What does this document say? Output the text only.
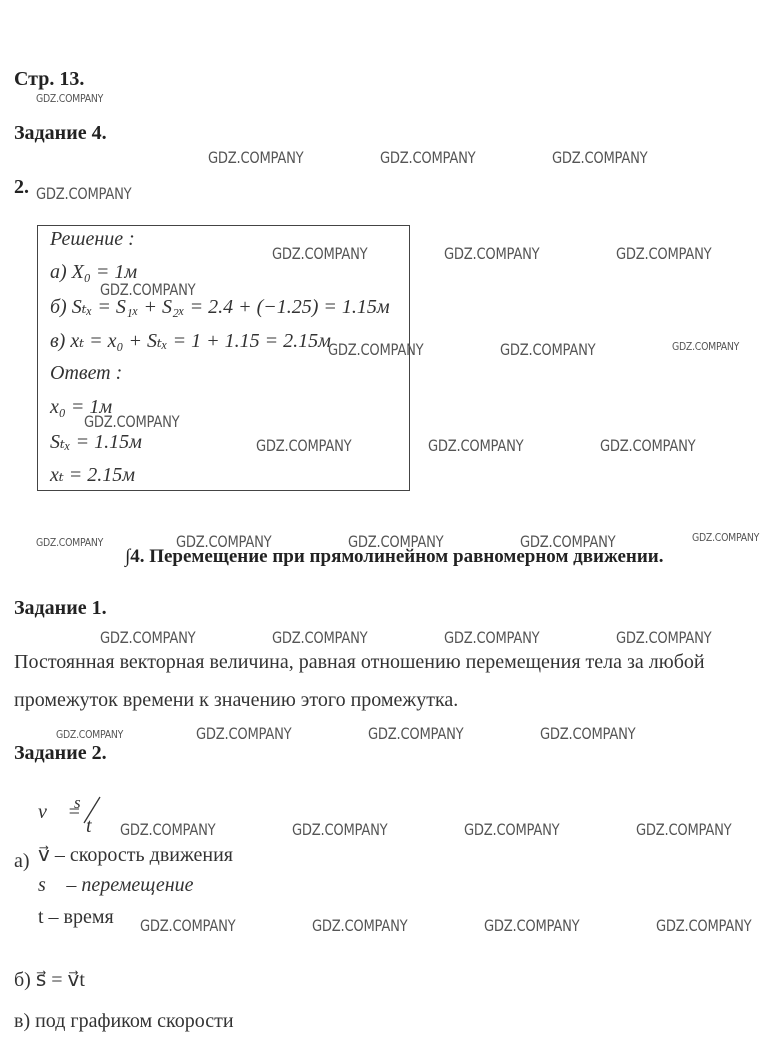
Стр. 13.
Задание 4.
2.
Решение :
a) X₀ = 1м
б) Sₜₓ = S₁ₓ + S₂ₓ = 2.4 + (−1.25) = 1.15м
в) xₜ = x₀ + Sₜₓ = 1 + 1.15 = 2.15м
Ответ :
x₀ = 1м
Sₜₓ = 1.15м
xₜ = 2.15м
∫4. Перемещение при прямолинейном равномерном движении.
Задание 1.
Постоянная векторная величина, равная отношению перемещения тела за любой
промежуток времени к значению этого промежутка.
Задание 2.
v⃗ =
s⃗
t
а) v⃗ – скорость движения
s⃗ – перемещение
t – время
б) s⃗ = v⃗t
в) под графиком скорости
GDZ.COMPANY
GDZ.COMPANY	GDZ.COMPANY	GDZ.COMPANY
GDZ.COMPANY
GDZ.COMPANY	GDZ.COMPANY	GDZ.COMPANY
GDZ.COMPANY
GDZ.COMPANY	GDZ.COMPANY	GDZ.COMPANY
GDZ.COMPANY
GDZ.COMPANY	GDZ.COMPANY	GDZ.COMPANY
GDZ.COMPANY	GDZ.COMPANY	GDZ.COMPANY	GDZ.COMPANY	GDZ.COMPANY
GDZ.COMPANY	GDZ.COMPANY	GDZ.COMPANY	GDZ.COMPANY
GDZ.COMPANY	GDZ.COMPANY	GDZ.COMPANY	GDZ.COMPANY
GDZ.COMPANY	GDZ.COMPANY	GDZ.COMPANY	GDZ.COMPANY
GDZ.COMPANY	GDZ.COMPANY	GDZ.COMPANY	GDZ.COMPANY
